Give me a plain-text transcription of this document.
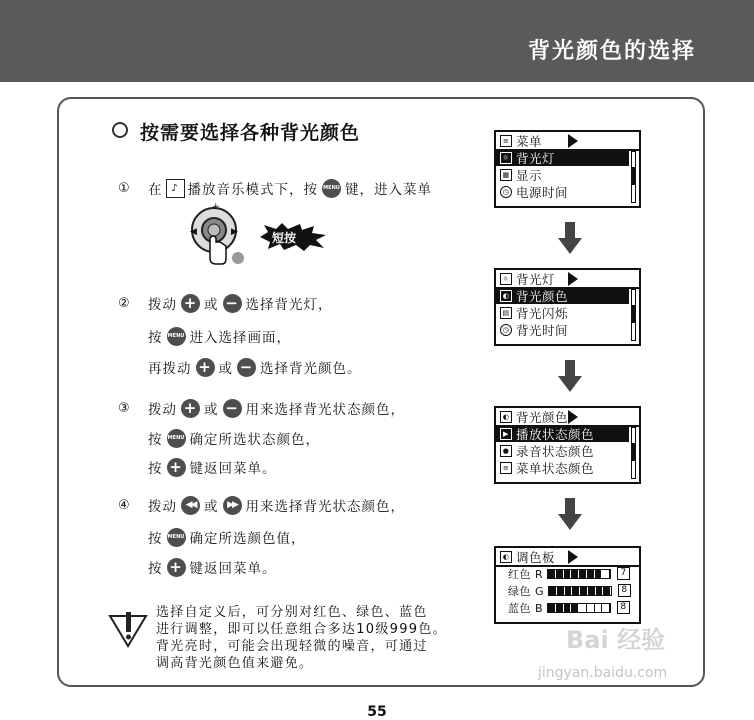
背光颜色的选择
按需要选择各种背光颜色
①	在 ♪ 播放音乐模式下，按 MENU 键，进入菜单
◀	▶
+
短按
②	拨动 + 或 − 选择背光灯，
按 MENU 进入选择画面，
再拨动 + 或 − 选择背光颜色。
③	拨动 + 或 − 用来选择背光状态颜色，
按 MENU 确定所选状态颜色，
按 + 键返回菜单。
④	拨动 ◀◀ 或 ▶▶ 用来选择背光状态颜色，
按 MENU 确定所选颜色值，
按 + 键返回菜单。
≡ 菜单
☼ 背光灯
▦ 显示
◷ 电源时间
☼ 背光灯
◐ 背光颜色
▤ 背光闪烁
◷ 背光时间
◐ 背光颜色
▶ 播放状态颜色
● 录音状态颜色
≡ 菜单状态颜色
◐ 调色板
红色 R	7
绿色 G	8
蓝色 B	8
选择自定义后，可分别对红色、绿色、蓝色
进行调整，即可以任意组合多达10级999色。
背光亮时，可能会出现轻微的噪音，可通过
调高背光颜色值来避免。
Bai 经验
jingyan.baidu.com
55
